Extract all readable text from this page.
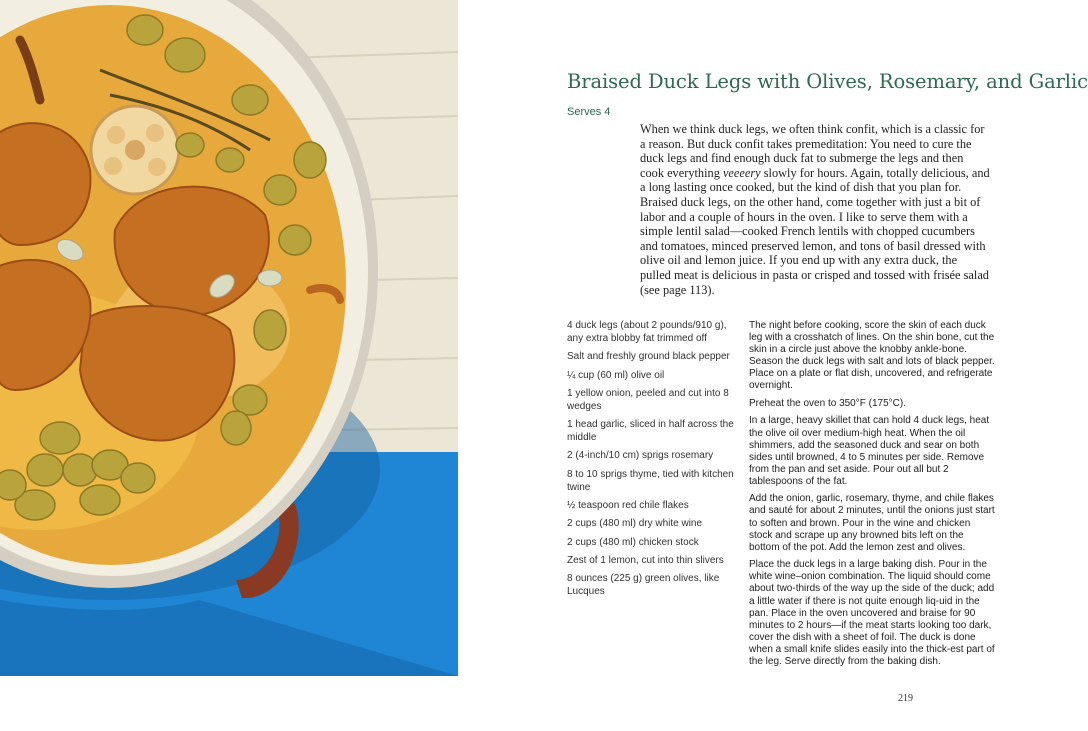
Braised Duck Legs with Olives, Rosemary, and Garlic
Serves 4

When we think duck legs, we often think confit, which is a classic for a reason. But duck confit takes premeditation: You need to cure the duck legs and find enough duck fat to submerge the legs and then cook everything veeeery slowly for hours. Again, totally delicious, and a long lasting once cooked, but the kind of dish that you plan for. Braised duck legs, on the other hand, come together with just a bit of labor and a couple of hours in the oven. I like to serve them with a simple lentil salad—cooked French lentils with chopped cucumbers and tomatoes, minced preserved lemon, and tons of basil dressed with olive oil and lemon juice. If you end up with any extra duck, the pulled meat is delicious in pasta or crisped and tossed with frisée salad (see page 113).

4 duck legs (about 2 pounds/910 g), any extra blobby fat trimmed off
Salt and freshly ground black pepper
¼ cup (60 ml) olive oil
1 yellow onion, peeled and cut into 8 wedges
1 head garlic, sliced in half across the middle
2 (4-inch/10 cm) sprigs rosemary
8 to 10 sprigs thyme, tied with kitchen twine
½ teaspoon red chile flakes
2 cups (480 ml) dry white wine
2 cups (480 ml) chicken stock
Zest of 1 lemon, cut into thin slivers
8 ounces (225 g) green olives, like Lucques

The night before cooking, score the skin of each duck leg with a crosshatch of lines. On the shin bone, cut the skin in a circle just above the knobby ankle-bone. Season the duck legs with salt and lots of black pepper. Place on a plate or flat dish, uncovered, and refrigerate overnight.

Preheat the oven to 350°F (175°C).

In a large, heavy skillet that can hold 4 duck legs, heat the olive oil over medium-high heat. When the oil shimmers, add the seasoned duck and sear on both sides until browned, 4 to 5 minutes per side. Remove from the pan and set aside. Pour out all but 2 tablespoons of the fat.

Add the onion, garlic, rosemary, thyme, and chile flakes and sauté for about 2 minutes, until the onions just start to soften and brown. Pour in the wine and chicken stock and scrape up any browned bits left on the bottom of the pot. Add the lemon zest and olives.

Place the duck legs in a large baking dish. Pour in the white wine–onion combination. The liquid should come about two-thirds of the way up the side of the duck; add a little water if there is not quite enough liq-uid in the pan. Place in the oven uncovered and braise for 90 minutes to 2 hours—if the meat starts looking too dark, cover the dish with a sheet of foil. The duck is done when a small knife slides easily into the thick-est part of the leg. Serve directly from the baking dish.

219
